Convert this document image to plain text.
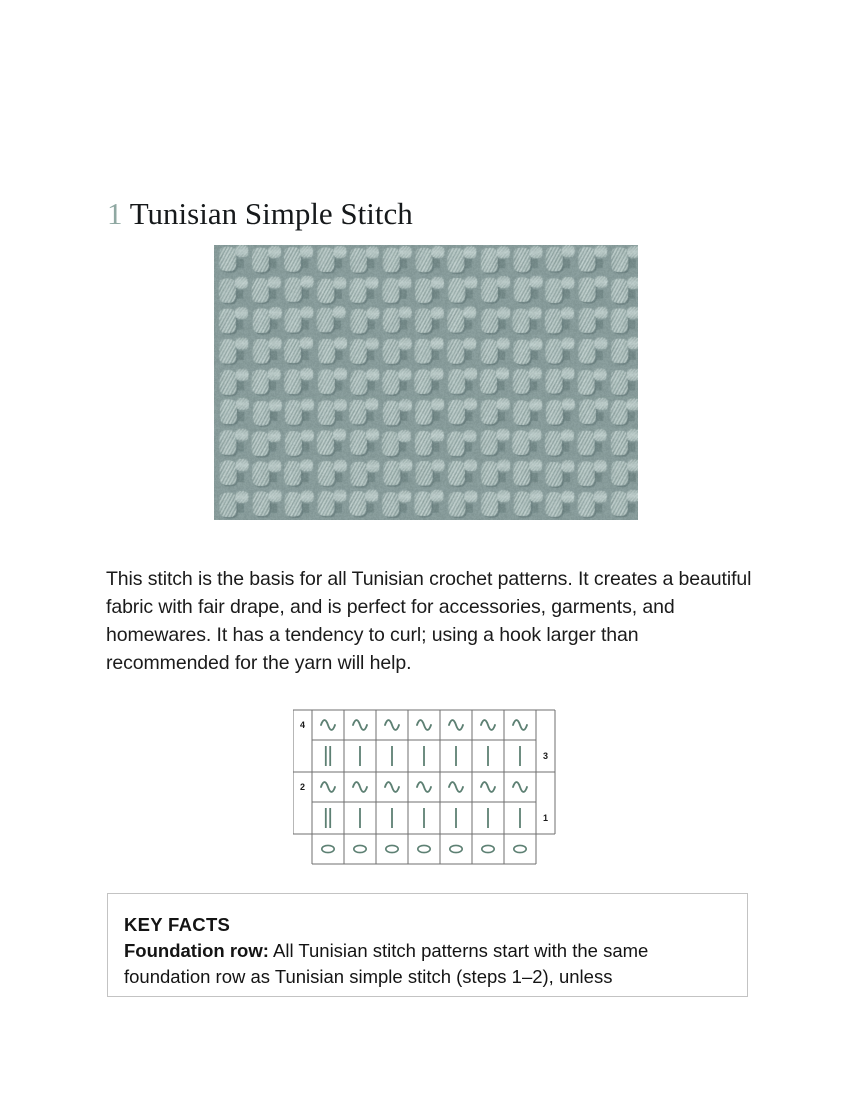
1 Tunisian Simple Stitch

This stitch is the basis for all Tunisian crochet patterns. It creates a beautiful fabric with fair drape, and is perfect for accessories, garments, and homewares. It has a tendency to curl; using a hook larger than recommended for the yarn will help.

4
3
2
1
KEY FACTS
Foundation row: All Tunisian stitch patterns start with the same foundation row as Tunisian simple stitch (steps 1–2), unless
